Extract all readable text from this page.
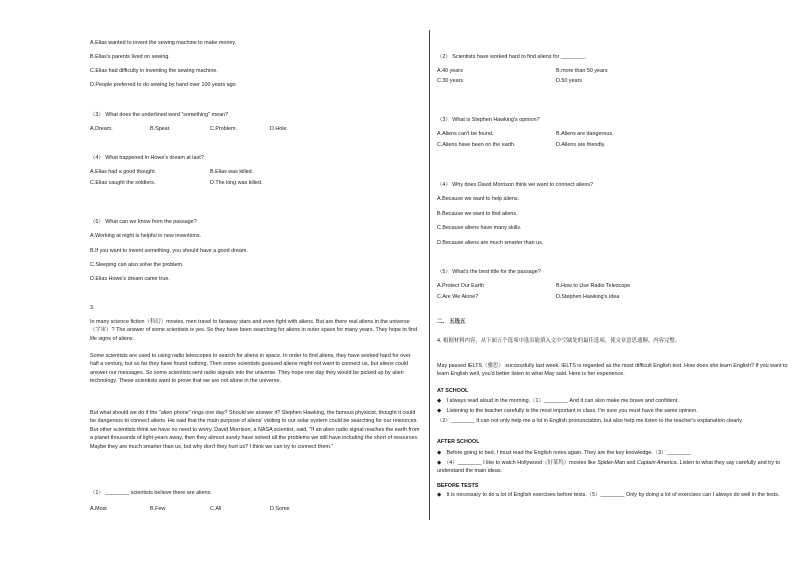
A.Elias wanted to invent the sewing machine to make money.
B.Elias's parents lived on sewing.
C.Elias had difficulty in inventing the sewing machine.
D.People preferred to do sewing by hand over 100 years ago.
（3） What does the underlined word "something" mean?
A.Dream.	B.Spear.	C.Problem.	D.Hole.
（4） What happened in Howe's dream at last?
A.Elias had a good thought.	B.Elias was killed.
C.Elias caught the soldiers.	D.The king was killed.
（5） What can we know from the passage?
A.Working at night is helpful in new inventions.
B.If you want to invent something, you should have a good dream.
C.Sleeping can also solve the problem.
D.Elias Howe's dream came true.
3.
In many science fiction（科幻）movies, men travel to faraway stars and even fight with aliens. But are there real aliens in the universe（宇宙）? The answer of some scientists is yes. So they have been searching for aliens in outer space for many years. They hope to find life signs of aliens.
Some scientists are used to using radio telescopes to search for aliens in space. In order to find aliens, they have worked hard for over half a century, but so far they have found nothing. Then some scientists guessed aliens might not want to connect us, but aliens could answer our messages. So some scientists sent radio signals into the universe. They hope one day they would be picked up by alien technology. These scientists want to prove that we are not alone in the universe.
But what should we do if the "alien phone" rings one day? Should we answer it? Stephen Hawking, the famous physicist, thought it could be dangerous to connect aliens. He said that the main purpose of aliens' visiting to our solar system could be searching for our resources. But other scientists think we have no need to worry. David Morrison, a NASA scientist, said, "If an alien radio signal reaches the earth from a planet thousands of light-years away, then they almost surely have solved all the problems we still have including the short of resources. Maybe they are much smarter than us, but why don't they hurt us? I think we can try to connect them."
（1） ________ scientists believe there are aliens.
A.Most	B.Few	C.All	D.Some
（2） Scientists have worked hard to find aliens for ________.
A.40 years	B.more than 50 years
C.30 years	D.50 years
（3） What is Stephen Hawking's opinion?
A.Aliens can't be found.	B.Aliens are dangerous.
C.Aliens have been on the earth.	D.Aliens are friendly.
（4） Why does David Morrison think we want to connect aliens?
A.Because we want to help aliens.
B.Because we want to find aliens.
C.Because aliens have many skills.
D.Because aliens are much smarter than us.
（5） What's the best title for the passage?
A.Protect Our Earth	B.How to Use Radio Telescope
C.Are We Alone?	D.Stephen Hawking's Idea
二、 五选五
4. 根据材料内容，从下面五个选项中选出能填入文中空缺处的最佳选项，使文章意思通顺、内容完整。
May passed IELTS（雅思） successfully last week. IELTS is regarded as the most difficult English test. How does she learn English? If you want to learn English well, you'd better listen to what May said. Here is her experience.
AT SCHOOL
◆　I always read aloud in the morning.（1）________ And it can also make me brave and confident.
◆　Listening to the teacher carefully is the most important in class. I'm sure you must have the same opinion.
（2）________ It can not only help me a lot in English pronunciation, but also help me listen to the teacher's explanation clearly.
AFTER SCHOOL
◆　Before going to bed, I must read the English notes again. They are the key knowledge.（3）________
◆　（4）________ I like to watch Hollywood（好莱坞）movies like Spider-Man and Captain America. Listen to what they say carefully and try to understand the main ideas.
BEFORE TESTS
◆　It is necessary to do a lot of English exercises before tests.（5）________ Only by doing a lot of exercises can I always do well in the tests.
